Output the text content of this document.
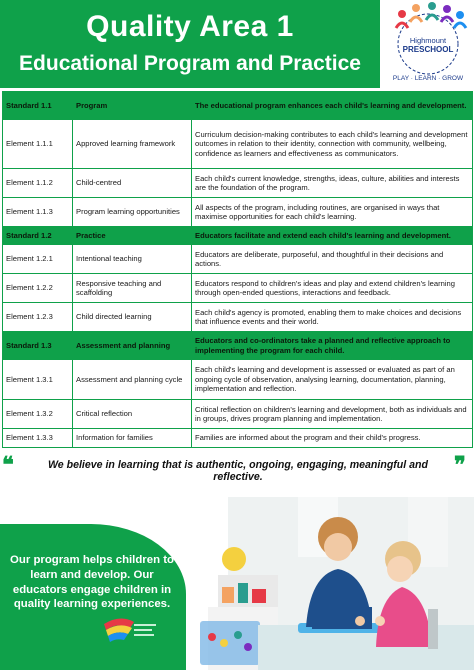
Quality Area 1
Educational Program and Practice
PLAY · LEARN · GROW
Highmount
PRESCHOOL
Standard 1.1	Program	The educational program enhances each child's learning and development.
Element 1.1.1	Approved learning framework	Curriculum decision-making contributes to each child's learning and development outcomes in relation to their identity, connection with community, wellbeing, confidence as learners and effectiveness as communicators.
Element 1.1.2	Child-centred	Each child's current knowledge, strengths, ideas, culture, abilities and interests are the foundation of the program.
Element 1.1.3	Program learning opportunities	All aspects of the program, including routines, are organised in ways that maximise opportunities for each child's learning.
Standard 1.2	Practice	Educators facilitate and extend each child's learning and development.
Element 1.2.1	Intentional teaching	Educators are deliberate, purposeful, and thoughtful in their decisions and actions.
Element 1.2.2	Responsive teaching and scaffolding	Educators respond to children's ideas and play and extend children's learning through open-ended questions, interactions and feedback.
Element 1.2.3	Child directed learning	Each child's agency is promoted, enabling them to make choices and decisions that influence events and their world.
Standard 1.3	Assessment and planning	Educators and co-ordinators take a planned and reflective approach to implementing the program for each child.
Element 1.3.1	Assessment and planning cycle	Each child's learning and development is assessed or evaluated as part of an ongoing cycle of observation, analysing learning, documentation, planning, implementation and reflection.
Element 1.3.2	Critical reflection	Critical reflection on children's learning and development, both as individuals and in groups, drives program planning and implementation.
Element 1.3.3	Information for families	Families are informed about the program and their child's progress.
❝	We believe in learning that is authentic, ongoing, engaging, meaningful and reflective.	❞
Our program helps children to learn and develop. Our educators engage children in quality learning experiences.
